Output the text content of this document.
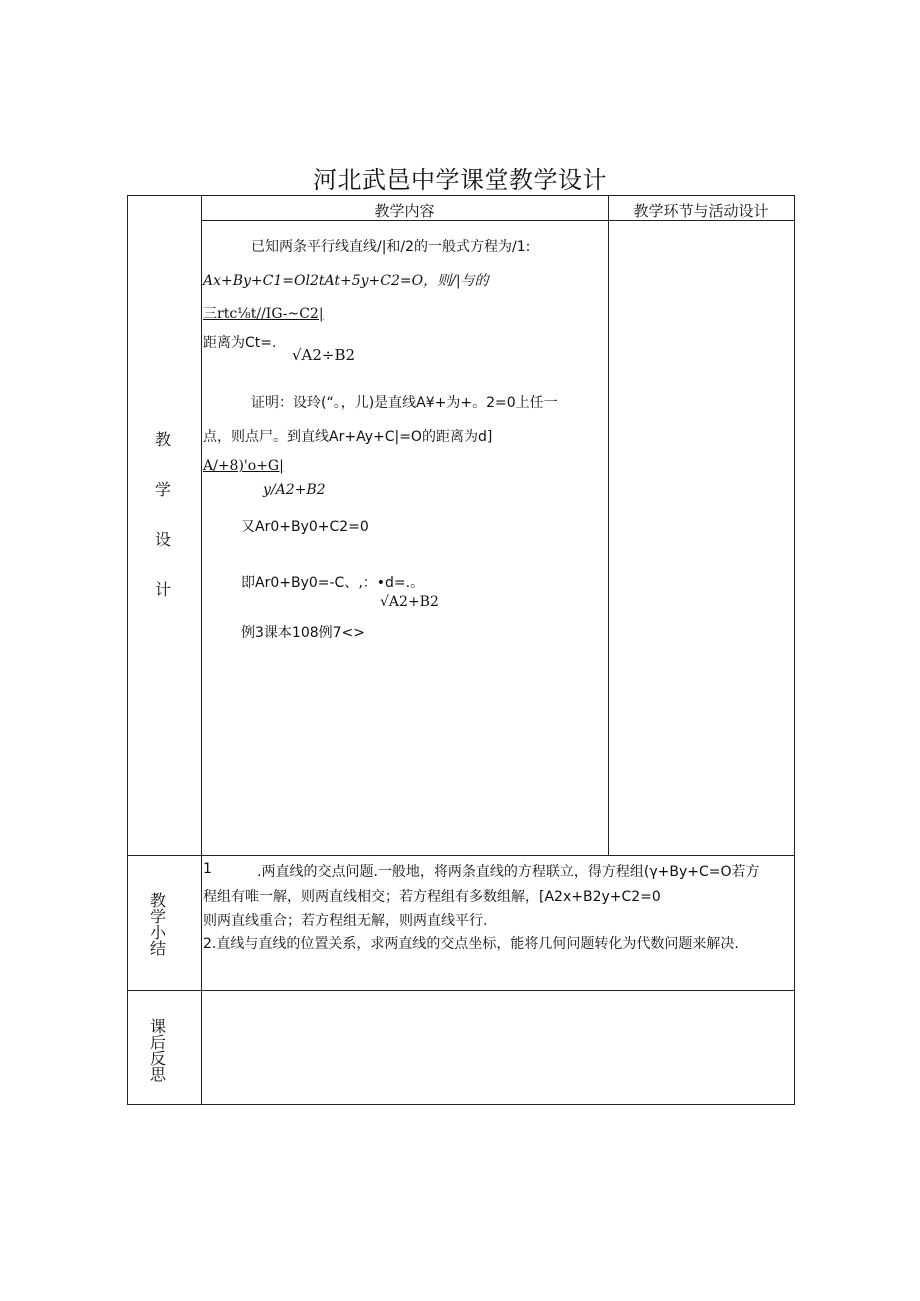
河北武邑中学课堂教学设计
教学内容	教学环节与活动设计
教
学
设
计
教
学
小
结
课
后
反
思
已知两条平行线直线/|和/2的一般式方程为/1:
Ax+By+C1=Ol2tAt+5y+C2=O，则/|与的
三rtc⅛t//IG-~C2|
距离为Ct=.
√A2÷B2
证明：设玲(“。，儿)是直线A¥+为+。2=0上任一
点，则点尸。到直线Ar+Ay+C|=O的距离为d]
A/+8)'o+G|
y/A2+B2
又Ar0+By0+C2=0
即Ar0+By0=-C、,：•d=.。
√A2+B2
例3课本108例7<>
1	.两直线的交点问题.一般地，将两条直线的方程联立，得方程组(γ+By+C=O若方
程组有唯一解，则两直线相交；若方程组有多数组解，[A2x+B2y+C2=0
则两直线重合；若方程组无解，则两直线平行.
2.直线与直线的位置关系，求两直线的交点坐标，能将几何问题转化为代数问题来解决.
